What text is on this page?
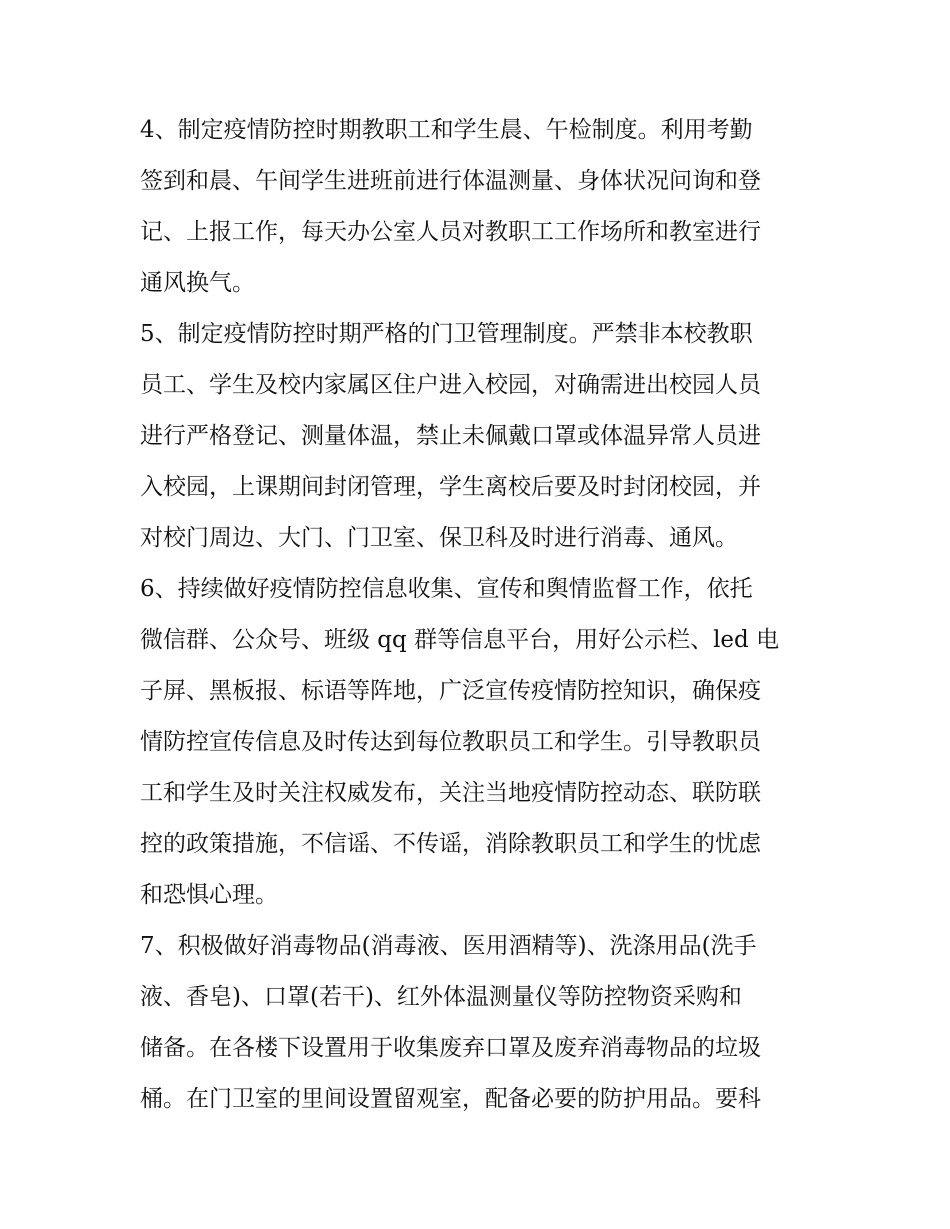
4、制定疫情防控时期教职工和学生晨、午检制度。利用考勤
签到和晨、午间学生进班前进行体温测量、身体状况问询和登
记、上报工作，每天办公室人员对教职工工作场所和教室进行
通风换气。
5、制定疫情防控时期严格的门卫管理制度。严禁非本校教职
员工、学生及校内家属区住户进入校园，对确需进出校园人员
进行严格登记、测量体温，禁止未佩戴口罩或体温异常人员进
入校园，上课期间封闭管理，学生离校后要及时封闭校园，并
对校门周边、大门、门卫室、保卫科及时进行消毒、通风。
6、持续做好疫情防控信息收集、宣传和舆情监督工作，依托
微信群、公众号、班级 qq 群等信息平台，用好公示栏、led 电
子屏、黑板报、标语等阵地，广泛宣传疫情防控知识，确保疫
情防控宣传信息及时传达到每位教职员工和学生。引导教职员
工和学生及时关注权威发布，关注当地疫情防控动态、联防联
控的政策措施，不信谣、不传谣，消除教职员工和学生的忧虑
和恐惧心理。
7、积极做好消毒物品(消毒液、医用酒精等)、洗涤用品(洗手
液、香皂)、口罩(若干)、红外体温测量仪等防控物资采购和
储备。在各楼下设置用于收集废弃口罩及废弃消毒物品的垃圾
桶。在门卫室的里间设置留观室，配备必要的防护用品。要科
